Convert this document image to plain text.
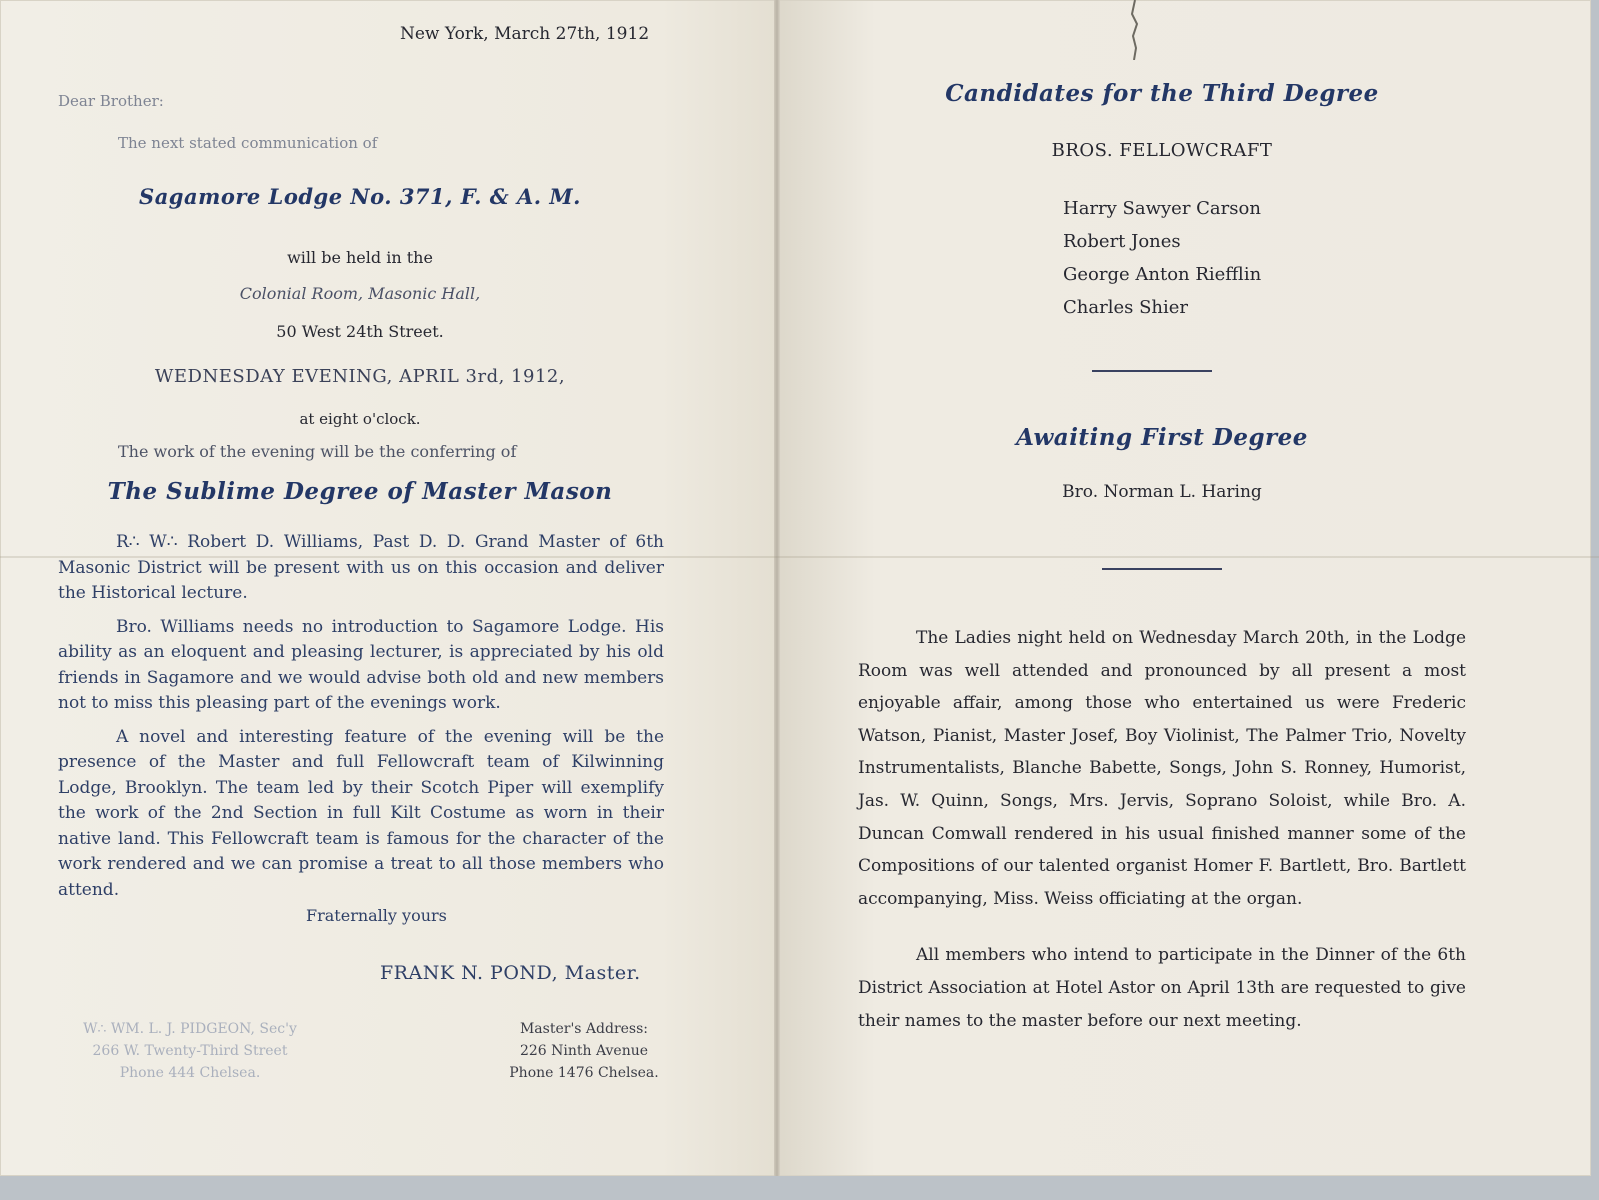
New York, March 27th, 1912

Dear Brother:

The next stated communication of

Sagamore Lodge No. 371, F. & A. M.

will be held in the

Colonial Room, Masonic Hall,

50 West 24th Street.

WEDNESDAY EVENING, APRIL 3rd, 1912,

at eight o'clock.

The work of the evening will be the conferring of

The Sublime Degree of Master Mason

R∴ W∴ Robert D. Williams, Past D. D. Grand Master of 6th Masonic District will be present with us on this occasion and deliver the Historical lecture.

Bro. Williams needs no introduction to Sagamore Lodge. His ability as an eloquent and pleasing lecturer, is appreciated by his old friends in Sagamore and we would advise both old and new members not to miss this pleasing part of the evenings work.

A novel and interesting feature of the evening will be the presence of the Master and full Fellowcraft team of Kilwinning Lodge, Brooklyn. The team led by their Scotch Piper will exemplify the work of the 2nd Section in full Kilt Costume as worn in their native land. This Fellowcraft team is famous for the character of the work rendered and we can promise a treat to all those members who attend.

Fraternally yours

FRANK N. POND, Master.

W∴ WM. L. J. PIDGEON, Sec'y
266 W. Twenty-Third Street
Phone 444 Chelsea.
Master's Address:
226 Ninth Avenue
Phone 1476 Chelsea.

Candidates for the Third Degree

BROS. FELLOWCRAFT

Harry Sawyer Carson
Robert Jones
George Anton Riefflin
Charles Shier

Awaiting First Degree

Bro. Norman L. Haring

The Ladies night held on Wednesday March 20th, in the Lodge Room was well attended and pronounced by all present a most enjoyable affair, among those who entertained us were Frederic Watson, Pianist, Master Josef, Boy Violinist, The Palmer Trio, Novelty Instrumentalists, Blanche Babette, Songs, John S. Ronney, Humorist, Jas. W. Quinn, Songs, Mrs. Jervis, Soprano Soloist, while Bro. A. Duncan Comwall rendered in his usual finished manner some of the Compositions of our talented organist Homer F. Bartlett, Bro. Bartlett accompanying, Miss. Weiss officiating at the organ.

All members who intend to participate in the Dinner of the 6th District Association at Hotel Astor on April 13th are requested to give their names to the master before our next meeting.
